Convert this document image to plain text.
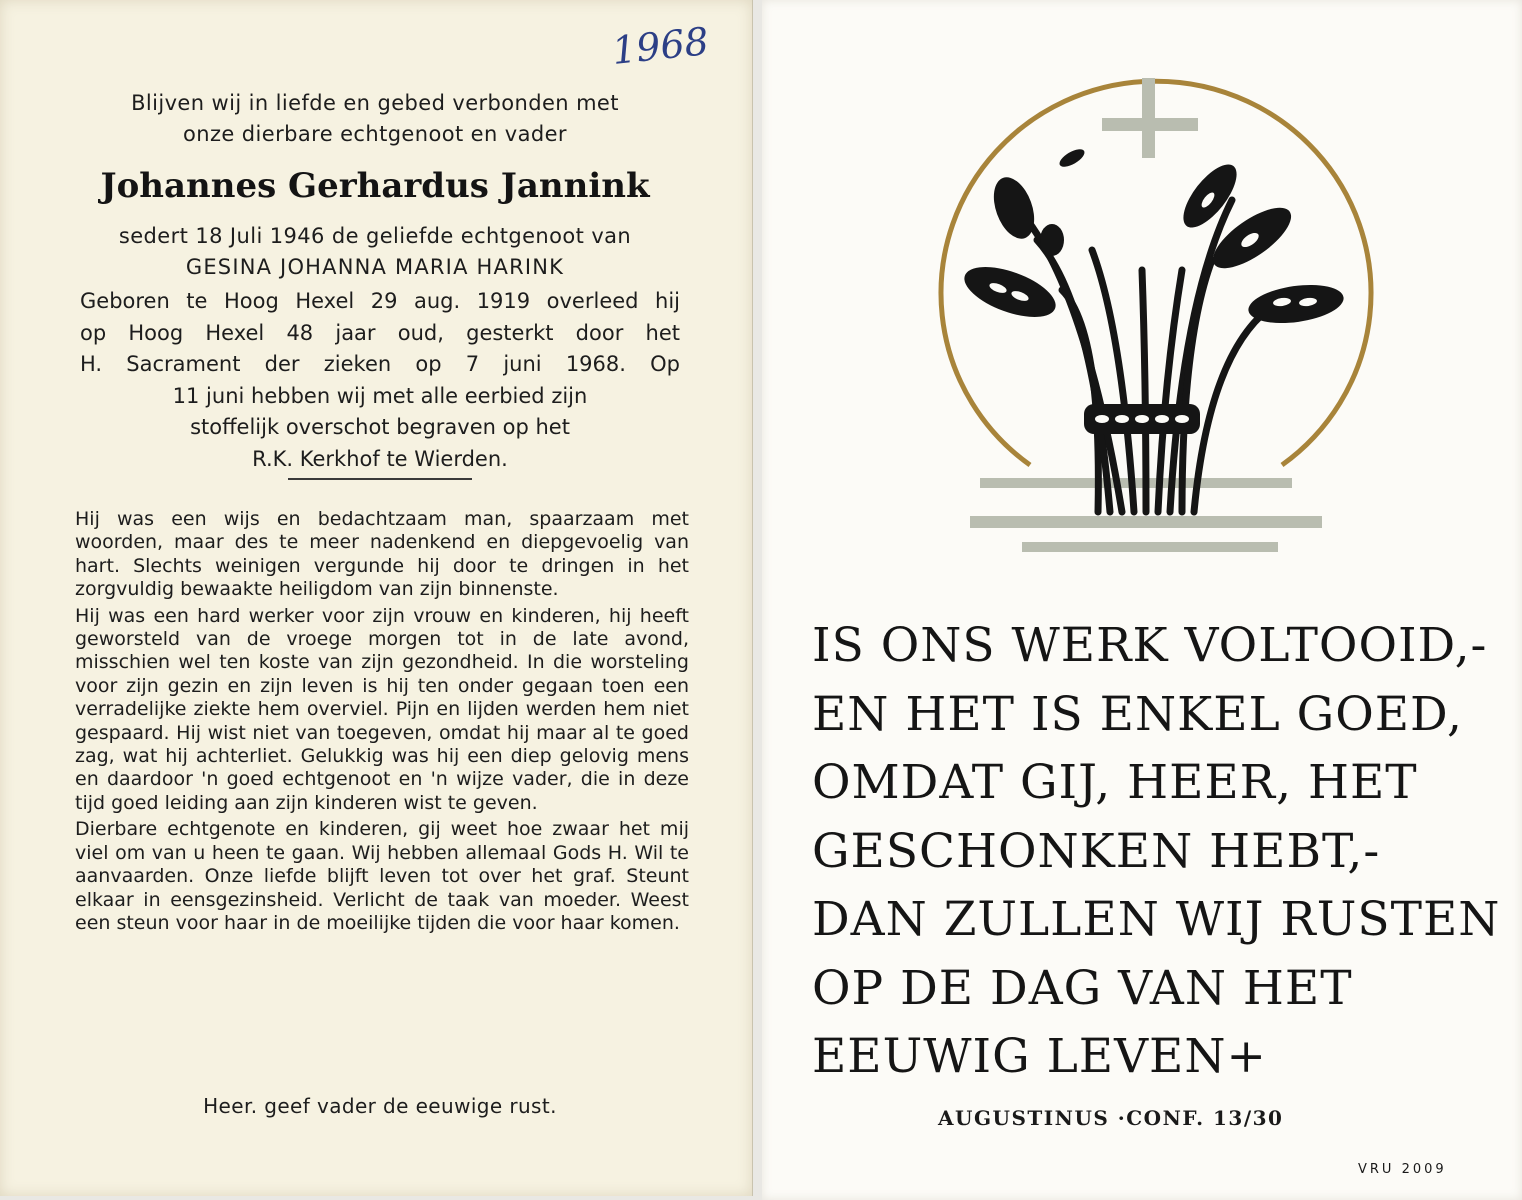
1968
Blijven wij in liefde en gebed verbonden met
onze dierbare echtgenoot en vader
Johannes Gerhardus Jannink
sedert 18 Juli 1946 de geliefde echtgenoot van
GESINA JOHANNA MARIA HARINK
Geboren te Hoog Hexel 29 aug. 1919 overleed hij
op Hoog Hexel 48 jaar oud, gesterkt door het
H. Sacrament der zieken op 7 juni 1968. Op
11 juni hebben wij met alle eerbied zijn
stoffelijk overschot begraven op het
R.K. Kerkhof te Wierden.

Hij was een wijs en bedachtzaam man, spaarzaam met woorden, maar des te meer nadenkend en diepgevoelig van hart. Slechts weinigen vergunde hij door te dringen in het zorgvuldig bewaakte heiligdom van zijn binnenste.

Hij was een hard werker voor zijn vrouw en kinderen, hij heeft geworsteld van de vroege morgen tot in de late avond, misschien wel ten koste van zijn gezondheid. In die worsteling voor zijn gezin en zijn leven is hij ten onder gegaan toen een verradelijke ziekte hem overviel. Pijn en lijden werden hem niet gespaard. Hij wist niet van toegeven, omdat hij maar al te goed zag, wat hij achterliet. Gelukkig was hij een diep gelovig mens en daardoor 'n goed echtgenoot en 'n wijze vader, die in deze tijd goed leiding aan zijn kinderen wist te geven.

Dierbare echtgenote en kinderen, gij weet hoe zwaar het mij viel om van u heen te gaan. Wij hebben allemaal Gods H. Wil te aanvaarden. Onze liefde blijft leven tot over het graf. Steunt elkaar in eensgezinsheid. Verlicht de taak van moeder. Weest een steun voor haar in de moeilijke tijden die voor haar komen.

Heer. geef vader de eeuwige rust.
IS ONS WERK VOLTOOID,-
EN HET IS ENKEL GOED,
OMDAT GIJ, HEER, HET
GESCHONKEN HEBT,-
DAN ZULLEN WIJ RUSTEN
OP DE DAG VAN HET
EEUWIG LEVEN+
AUGUSTINUS ·CONF. 13/30
VRU 2009
